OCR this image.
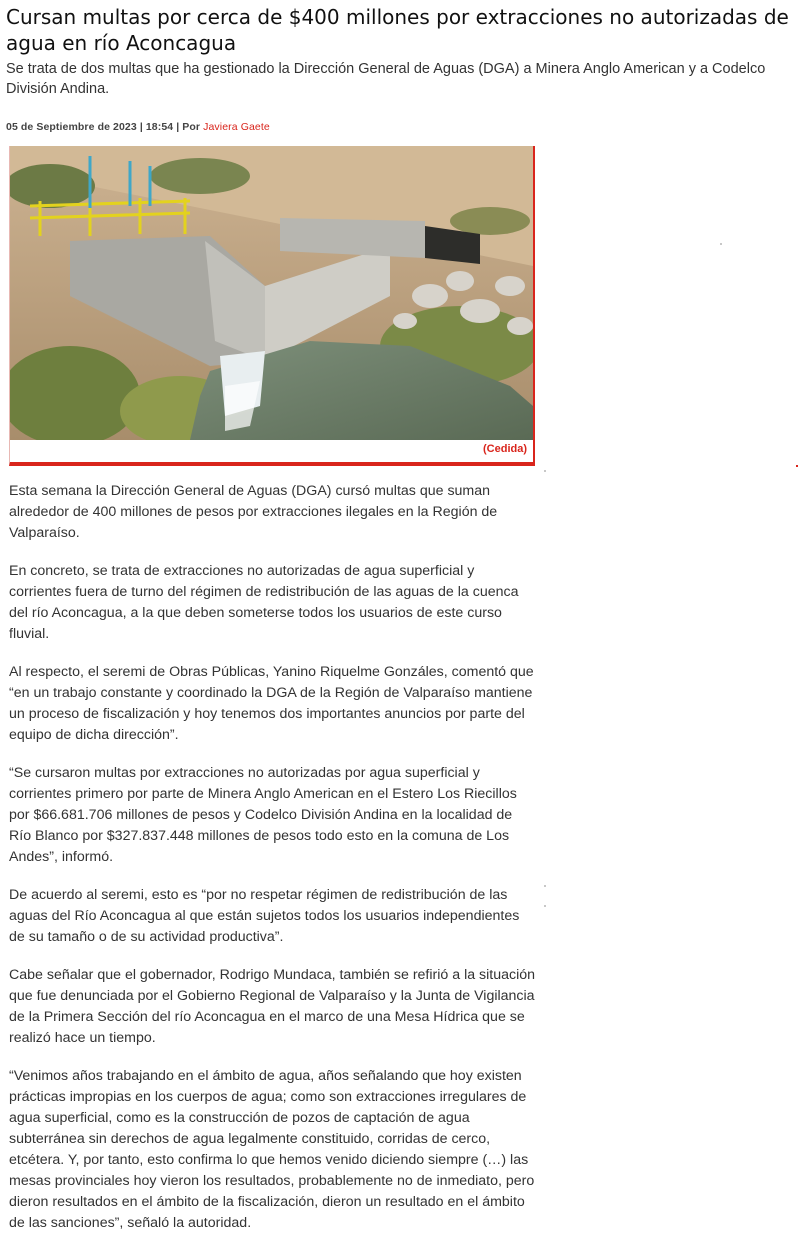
Cursan multas por cerca de $400 millones por extracciones no autorizadas de agua en río Aconcagua

Se trata de dos multas que ha gestionado la Dirección General de Aguas (DGA) a Minera Anglo American y a Codelco División Andina.

05 de Septiembre de 2023 | 18:54 | Por Javiera Gaete

(Cedida)

Esta semana la Dirección General de Aguas (DGA) cursó multas que suman alrededor de 400 millones de pesos por extracciones ilegales en la Región de Valparaíso.

En concreto, se trata de extracciones no autorizadas de agua superficial y corrientes fuera de turno del régimen de redistribución de las aguas de la cuenca del río Aconcagua, a la que deben someterse todos los usuarios de este curso fluvial.

Al respecto, el seremi de Obras Públicas, Yanino Riquelme Gonzáles, comentó que “en un trabajo constante y coordinado la DGA de la Región de Valparaíso mantiene un proceso de fiscalización y hoy tenemos dos importantes anuncios por parte del equipo de dicha dirección”.

“Se cursaron multas por extracciones no autorizadas por agua superficial y corrientes primero por parte de Minera Anglo American en el Estero Los Riecillos por $66.681.706 millones de pesos y Codelco División Andina en la localidad de Río Blanco por $327.837.448 millones de pesos todo esto en la comuna de Los Andes”, informó.

De acuerdo al seremi, esto es “por no respetar régimen de redistribución de las aguas del Río Aconcagua al que están sujetos todos los usuarios independientes de su tamaño o de su actividad productiva”.

Cabe señalar que el gobernador, Rodrigo Mundaca, también se refirió a la situación que fue denunciada por el Gobierno Regional de Valparaíso y la Junta de Vigilancia de la Primera Sección del río Aconcagua en el marco de una Mesa Hídrica que se realizó hace un tiempo.

“Venimos años trabajando en el ámbito de agua, años señalando que hoy existen prácticas impropias en los cuerpos de agua; como son extracciones irregulares de agua superficial, como es la construcción de pozos de captación de agua subterránea sin derechos de agua legalmente constituido, corridas de cerco, etcétera. Y, por tanto, esto confirma lo que hemos venido diciendo siempre (…) las mesas provinciales hoy vieron los resultados, probablemente no de inmediato, pero dieron resultados en el ámbito de la fiscalización, dieron un resultado en el ámbito de las sanciones”, señaló la autoridad.
